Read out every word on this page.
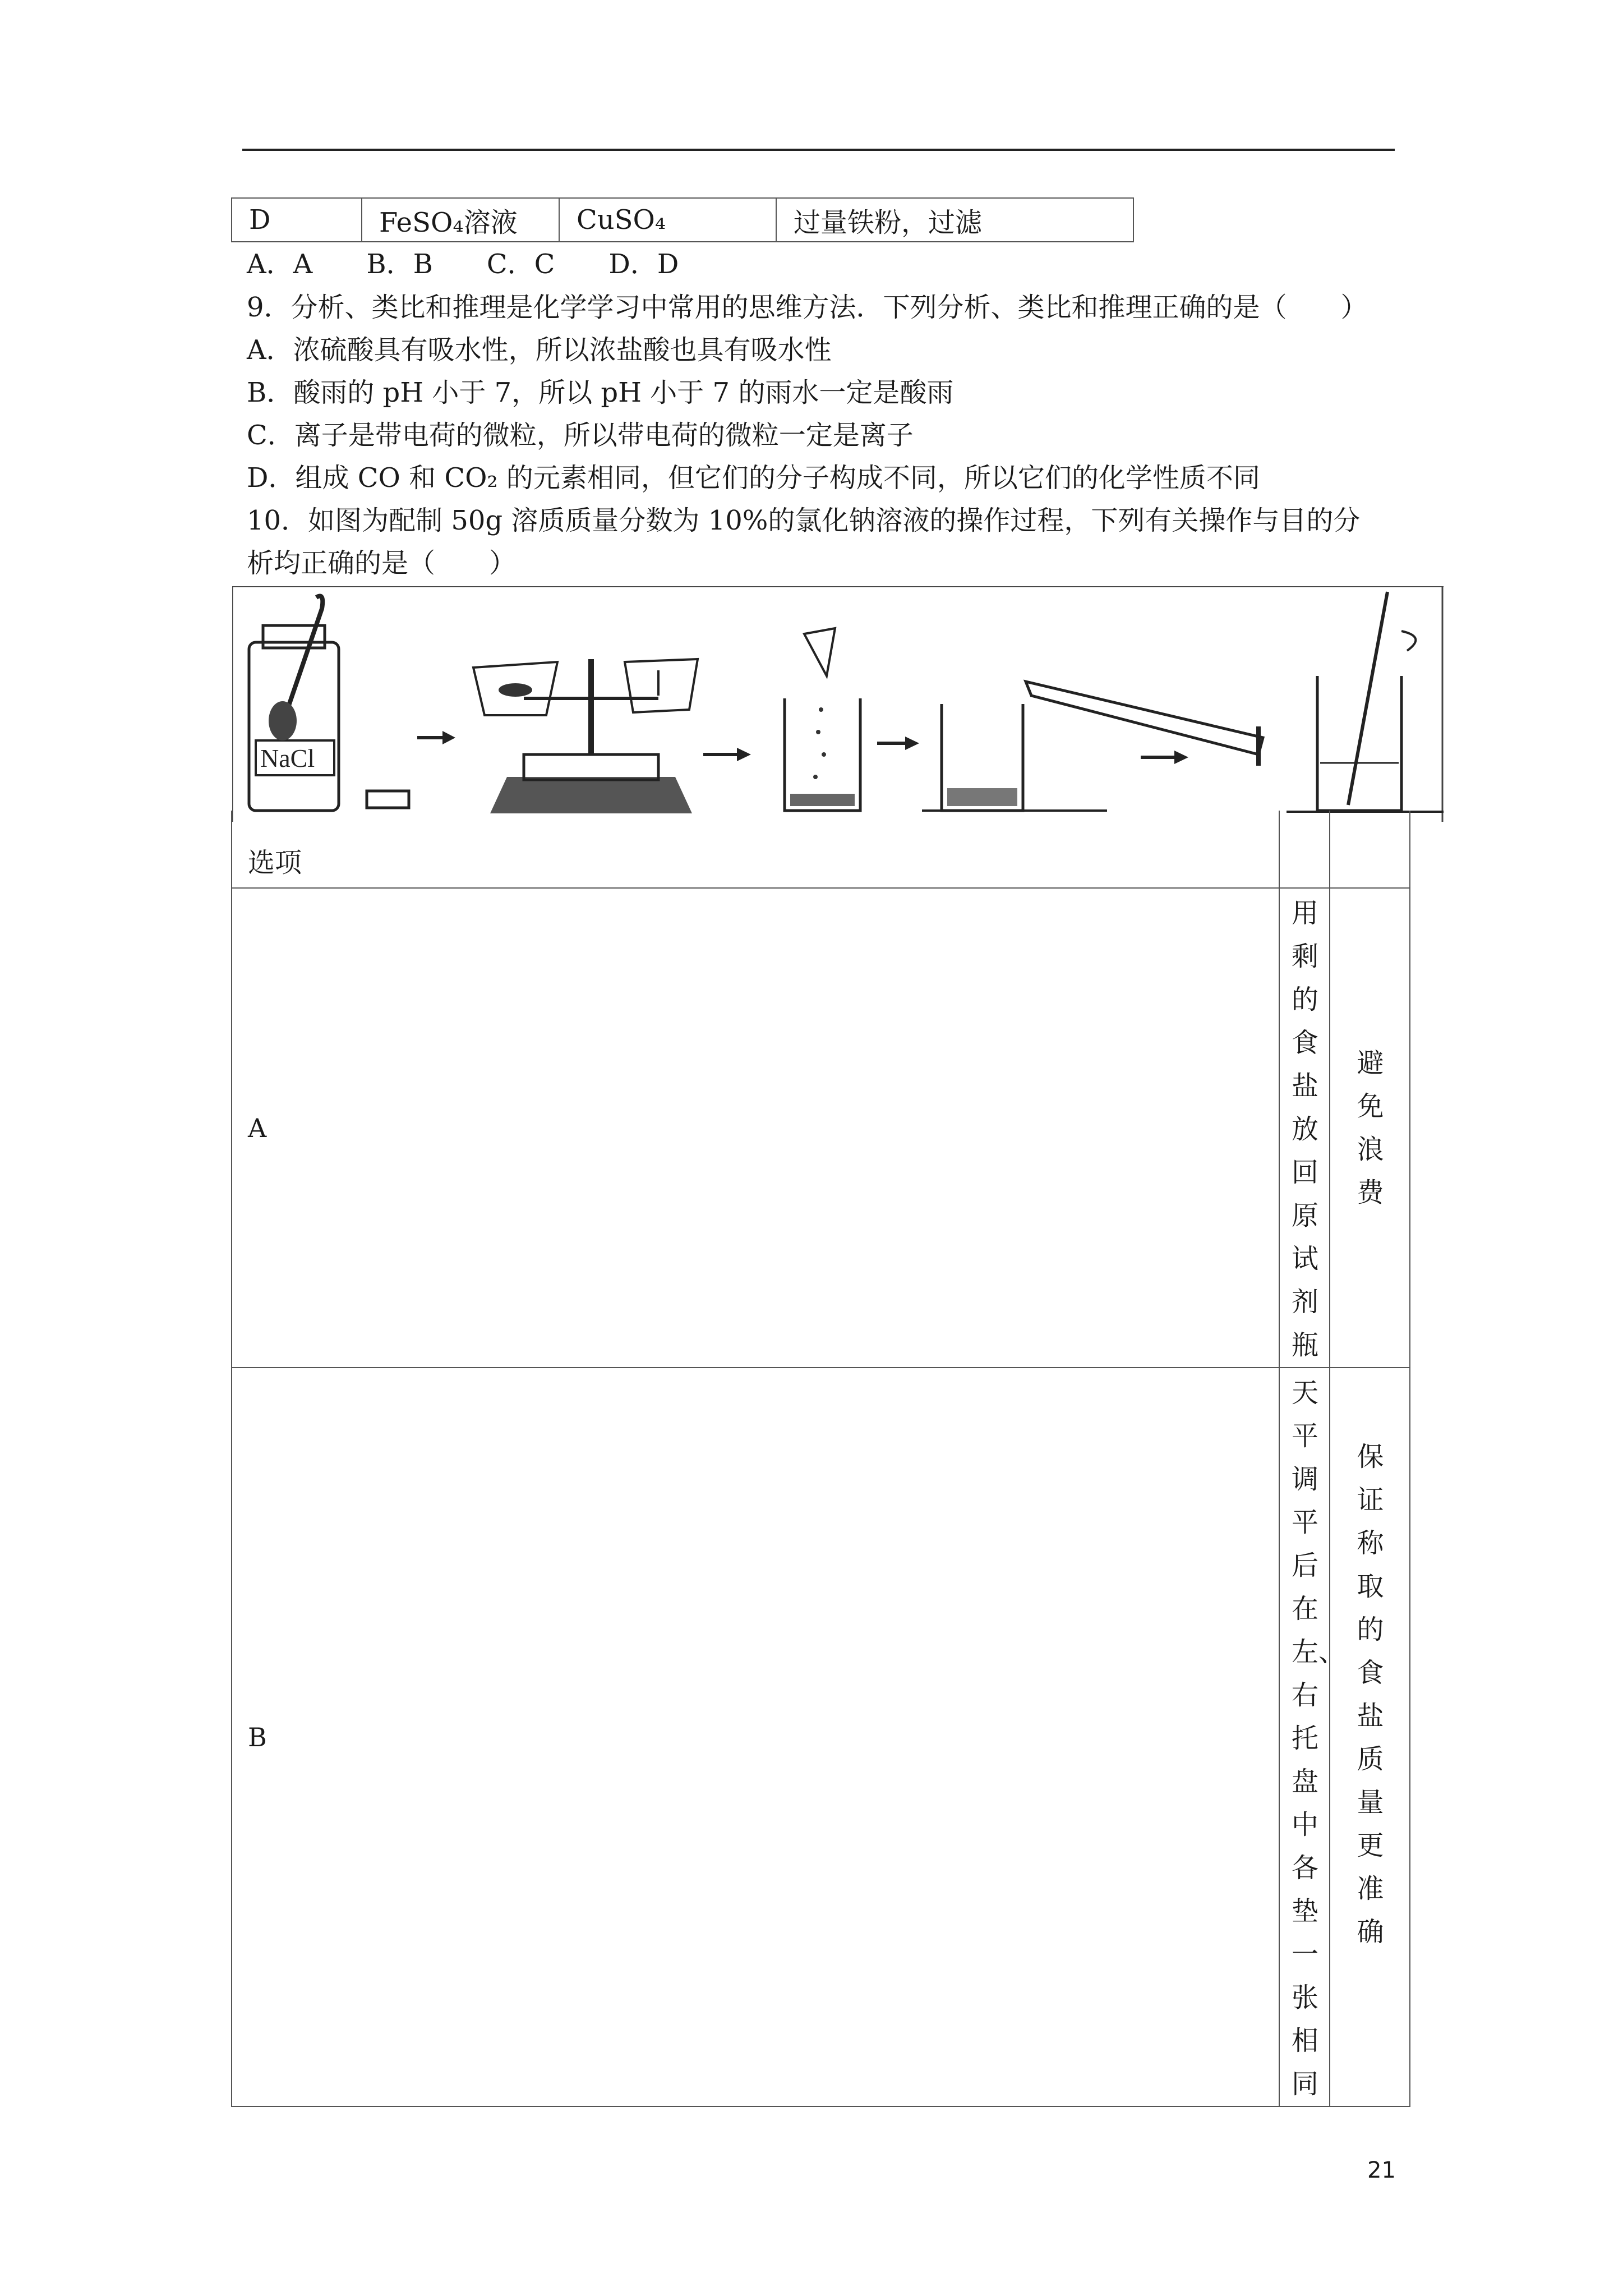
D	FeSO₄溶液	CuSO₄	过量铁粉，过滤
A．A　　B．B　　C．C　　D．D
9．分析、类比和推理是化学学习中常用的思维方法．下列分析、类比和推理正确的是（　　）
A．浓硫酸具有吸水性，所以浓盐酸也具有吸水性
B．酸雨的 pH 小于 7，所以 pH 小于 7 的雨水一定是酸雨
C．离子是带电荷的微粒，所以带电荷的微粒一定是离子
D．组成 CO 和 CO₂ 的元素相同，但它们的分子构成不同，所以它们的化学性质不同
10．如图为配制 50g 溶质质量分数为 10%的氯化钠溶液的操作过程，下列有关操作与目的分
析均正确的是（　　）
NaCl
选项		
A	用剩的食盐放回原试剂瓶	避免浪费

B	天平调平后在左、右托盘中各垫一张相同	保证称取的食盐质量更准确
21
